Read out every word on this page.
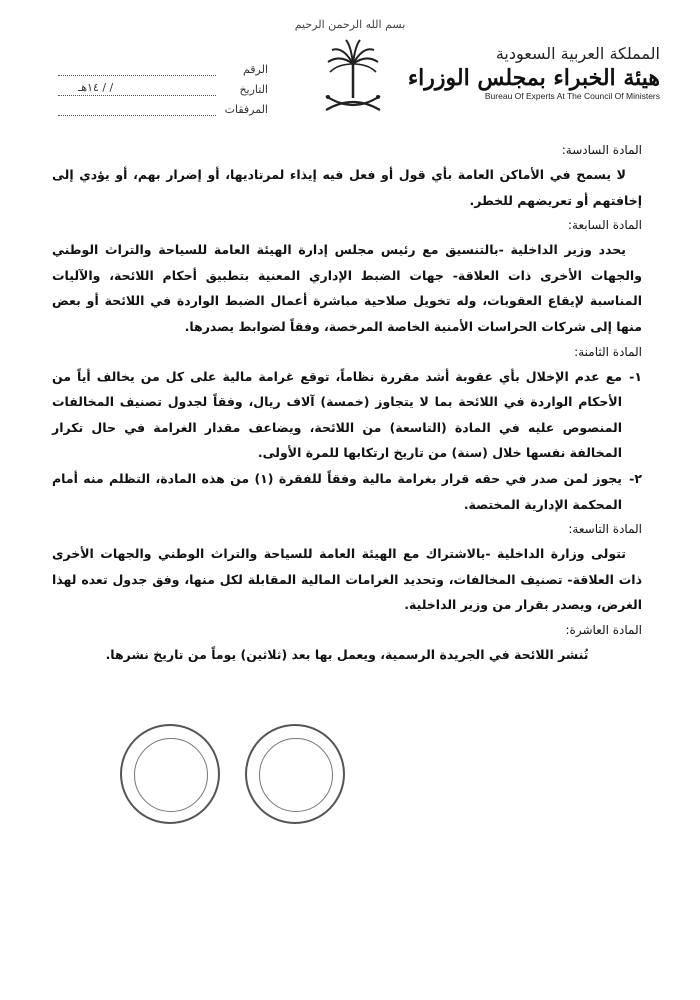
بسم الله الرحمن الرحيم
المملكة العربية السعودية
هيئة الخبراء بمجلس الوزراء
Bureau Of Experts At The Council Of Ministers
الرقم
التاريخ
/ / ١٤هـ
المرفقات

المادة السادسة:

لا يسمح في الأماكن العامة بأي قول أو فعل فيه إيذاء لمرتاديها، أو إضرار بهم، أو يؤدي إلى إخافتهم أو تعريضهم للخطر.

المادة السابعة:

يحدد وزير الداخلية -بالتنسيق مع رئيس مجلس إدارة الهيئة العامة للسياحة والتراث الوطني والجهات الأخرى ذات العلاقة- جهات الضبط الإداري المعنية بتطبيق أحكام اللائحة، والآليات المناسبة لإيقاع العقوبات، وله تخويل صلاحية مباشرة أعمال الضبط الواردة في اللائحة أو بعض منها إلى شركات الحراسات الأمنية الخاصة المرخصة، وفقاً لضوابط يصدرها.

المادة الثامنة:

١-
مع عدم الإخلال بأي عقوبة أشد مقررة نظاماً، توقع غرامة مالية على كل من يخالف أياً من الأحكام الواردة في اللائحة بما لا يتجاوز (خمسة) آلاف ريال، وفقاً لجدول تصنيف المخالفات المنصوص عليه في المادة (التاسعة) من اللائحة، ويضاعف مقدار الغرامة في حال تكرار المخالفة نفسها خلال (سنة) من تاريخ ارتكابها للمرة الأولى.
٢-
يجوز لمن صدر في حقه قرار بغرامة مالية وفقاً للفقرة (١) من هذه المادة، التظلم منه أمام المحكمة الإدارية المختصة.

المادة التاسعة:

تتولى وزارة الداخلية -بالاشتراك مع الهيئة العامة للسياحة والتراث الوطني والجهات الأخرى ذات العلاقة- تصنيف المخالفات، وتحديد الغرامات المالية المقابلة لكل منها، وفق جدول تعده لهذا الغرض، ويصدر بقرار من وزير الداخلية.

المادة العاشرة:

تُنشر اللائحة في الجريدة الرسمية، ويعمل بها بعد (ثلاثين) يوماً من تاريخ نشرها.
